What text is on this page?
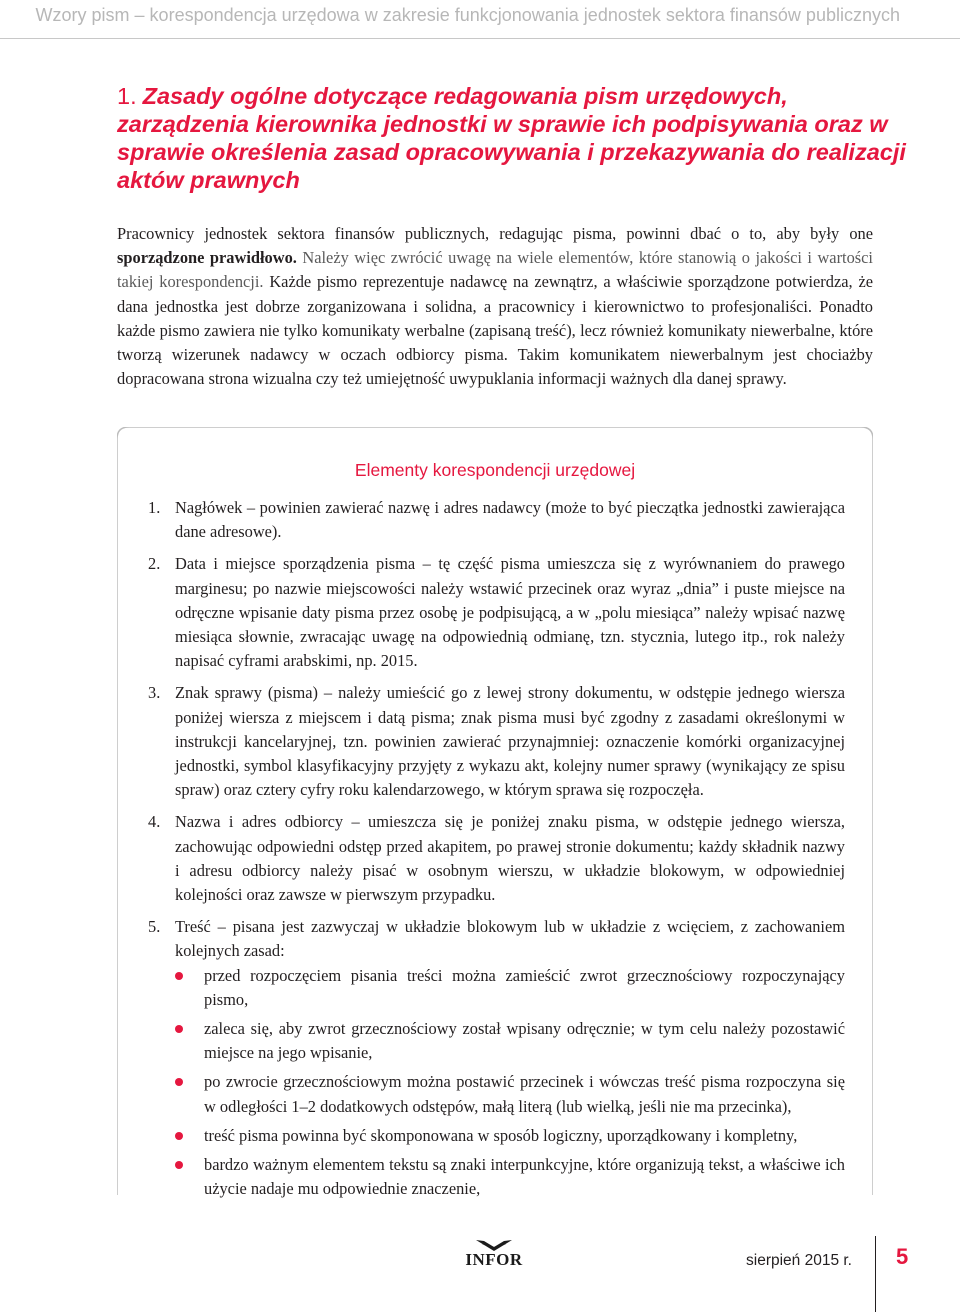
Wzory pism – korespondencja urzędowa w zakresie funkcjonowania jednostek sektora finansów publicznych
1. Zasady ogólne dotyczące redagowania pism urzędowych, zarządzenia kierownika jednostki w sprawie ich podpisywania oraz w sprawie określenia zasad opracowywania i przekazywania do realizacji aktów prawnych

Pracownicy jednostek sektora finansów publicznych, redagując pisma, powinni dbać o to, aby były one sporządzone prawidłowo. Należy więc zwrócić uwagę na wiele elementów, które stanowią o jakości i wartości takiej korespondencji. Każde pismo reprezentuje nadawcę na zewnątrz, a właściwie sporządzone potwierdza, że dana jednostka jest dobrze zorganizowana i solidna, a pracownicy i kierownictwo to profesjonaliści. Ponadto każde pismo zawiera nie tylko komunikaty werbalne (zapisaną treść), lecz również komunikaty niewerbalne, które tworzą wizerunek nadawcy w oczach odbiorcy pisma. Takim komunikatem niewerbalnym jest chociażby dopracowana strona wizualna czy też umiejętność uwypuklania informacji ważnych dla danej sprawy.

Elementy korespondencji urzędowej
1. Nagłówek – powinien zawierać nazwę i adres nadawcy (może to być pieczątka jednostki zawierająca dane adresowe).
2. Data i miejsce sporządzenia pisma – tę część pisma umieszcza się z wyrównaniem do prawego marginesu; po nazwie miejscowości należy wstawić przecinek oraz wyraz „dnia” i puste miejsce na odręczne wpisanie daty pisma przez osobę je podpisującą, a w „polu miesiąca” należy wpisać nazwę miesiąca słownie, zwracając uwagę na odpowiednią odmianę, tzn. stycznia, lutego itp., rok należy napisać cyframi arabskimi, np. 2015.
3. Znak sprawy (pisma) – należy umieścić go z lewej strony dokumentu, w odstępie jednego wiersza poniżej wiersza z miejscem i datą pisma; znak pisma musi być zgodny z zasadami określonymi w instrukcji kancelaryjnej, tzn. powinien zawierać przynajmniej: oznaczenie komórki organizacyjnej jednostki, symbol klasyfikacyjny przyjęty z wykazu akt, kolejny numer sprawy (wynikający ze spisu spraw) oraz cztery cyfry roku kalendarzowego, w którym sprawa się rozpoczęła.
4. Nazwa i adres odbiorcy – umieszcza się je poniżej znaku pisma, w odstępie jednego wiersza, zachowując odpowiedni odstęp przed akapitem, po prawej stronie dokumentu; każdy składnik nazwy i adresu odbiorcy należy pisać w osobnym wierszu, w układzie blokowym, w odpowiedniej kolejności oraz zawsze w pierwszym przypadku.
5. Treść – pisana jest zazwyczaj w układzie blokowym lub w układzie z wcięciem, z zachowaniem kolejnych zasad:
przed rozpoczęciem pisania treści można zamieścić zwrot grzecznościowy rozpoczynający pismo,
zaleca się, aby zwrot grzecznościowy został wpisany odręcznie; w tym celu należy pozostawić miejsce na jego wpisanie,
po zwrocie grzecznościowym można postawić przecinek i wówczas treść pisma rozpoczyna się w odległości 1–2 dodatkowych odstępów, małą literą (lub wielką, jeśli nie ma przecinka),
treść pisma powinna być skomponowana w sposób logiczny, uporządkowany i kompletny,
bardzo ważnym elementem tekstu są znaki interpunkcyjne, które organizują tekst, a właściwe ich użycie nadaje mu odpowiednie znaczenie,
INFOR	sierpień 2015 r. 5
